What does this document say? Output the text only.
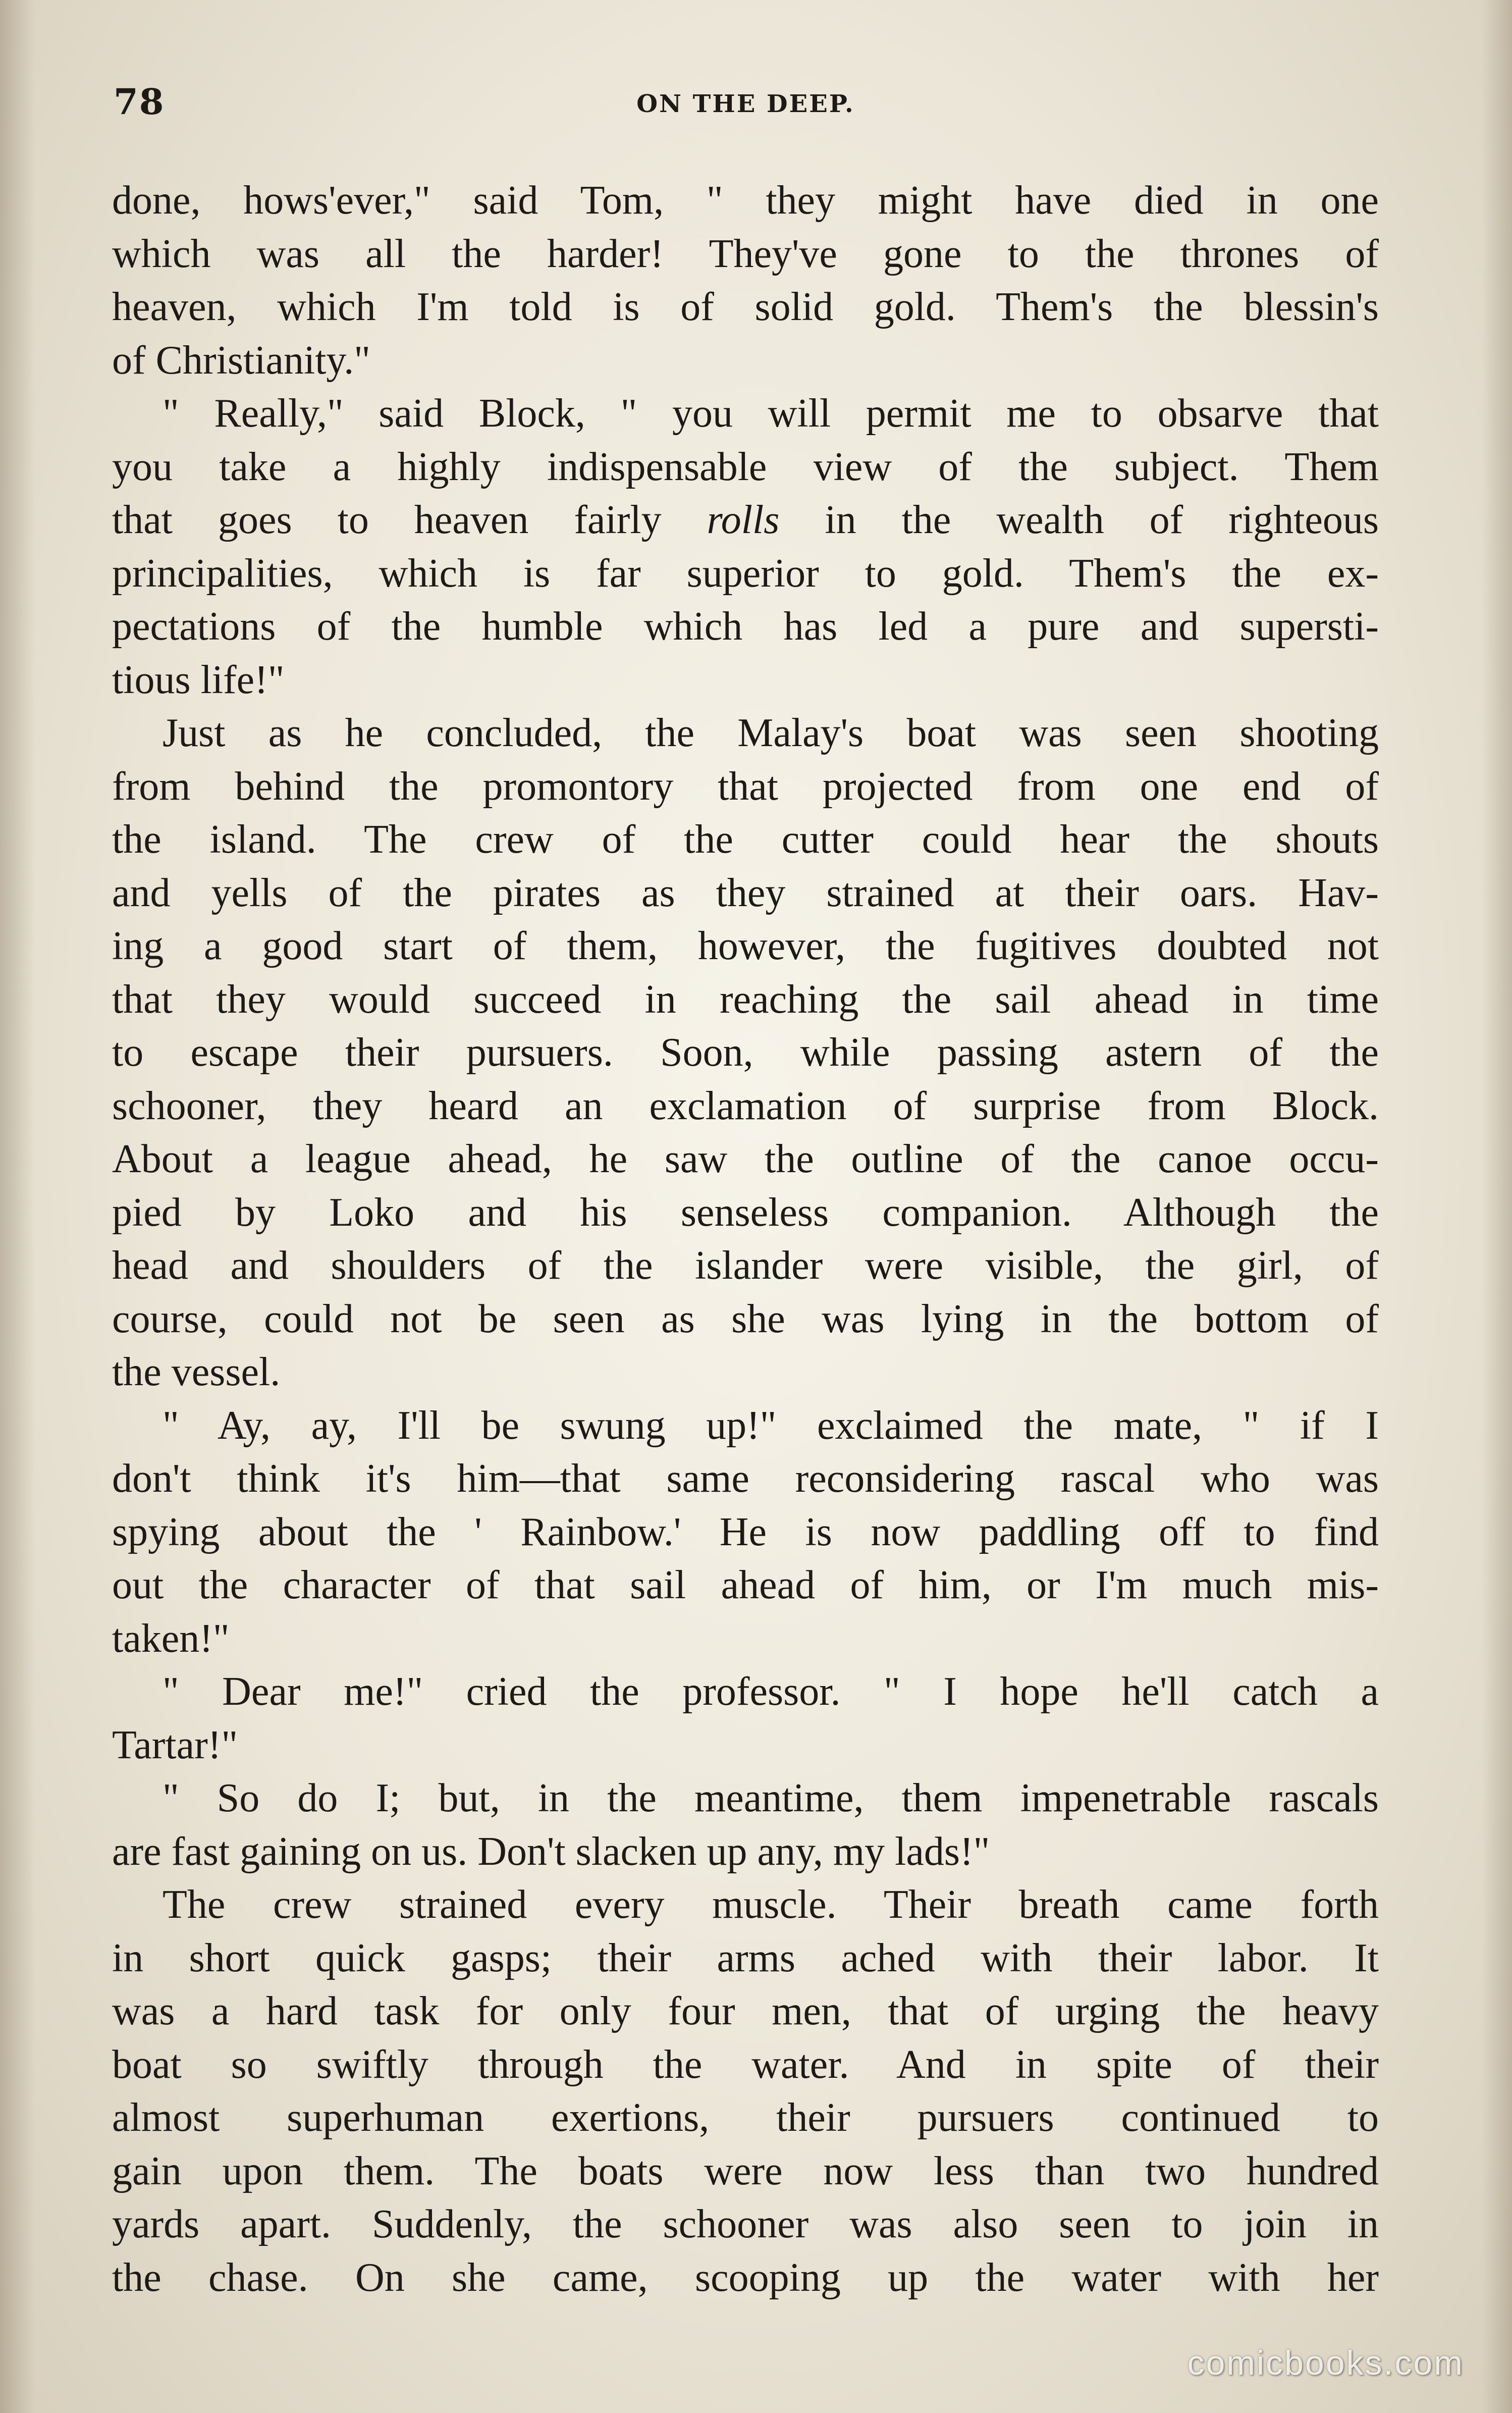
78	ON THE DEEP.
done, hows'ever," said Tom, " they might have died in one
which was all the harder! They've gone to the thrones of
heaven, which I'm told is of solid gold. Them's the blessin's
of Christianity."
" Really," said Block, " you will permit me to obsarve that
you take a highly indispensable view of the subject. Them
that goes to heaven fairly rolls in the wealth of righteous
principalities, which is far superior to gold. Them's the ex-
pectations of the humble which has led a pure and supersti-
tious life!"
Just as he concluded, the Malay's boat was seen shooting
from behind the promontory that projected from one end of
the island. The crew of the cutter could hear the shouts
and yells of the pirates as they strained at their oars. Hav-
ing a good start of them, however, the fugitives doubted not
that they would succeed in reaching the sail ahead in time
to escape their pursuers. Soon, while passing astern of the
schooner, they heard an exclamation of surprise from Block.
About a league ahead, he saw the outline of the canoe occu-
pied by Loko and his senseless companion. Although the
head and shoulders of the islander were visible, the girl, of
course, could not be seen as she was lying in the bottom of
the vessel.
" Ay, ay, I'll be swung up!" exclaimed the mate, " if I
don't think it's him—that same reconsidering rascal who was
spying about the ' Rainbow.' He is now paddling off to find
out the character of that sail ahead of him, or I'm much mis-
taken!"
" Dear me!" cried the professor. " I hope he'll catch a
Tartar!"
" So do I; but, in the meantime, them impenetrable rascals
are fast gaining on us. Don't slacken up any, my lads!"
The crew strained every muscle. Their breath came forth
in short quick gasps; their arms ached with their labor. It
was a hard task for only four men, that of urging the heavy
boat so swiftly through the water. And in spite of their
almost superhuman exertions, their pursuers continued to
gain upon them. The boats were now less than two hundred
yards apart. Suddenly, the schooner was also seen to join in
the chase. On she came, scooping up the water with her
comicbooks.com
